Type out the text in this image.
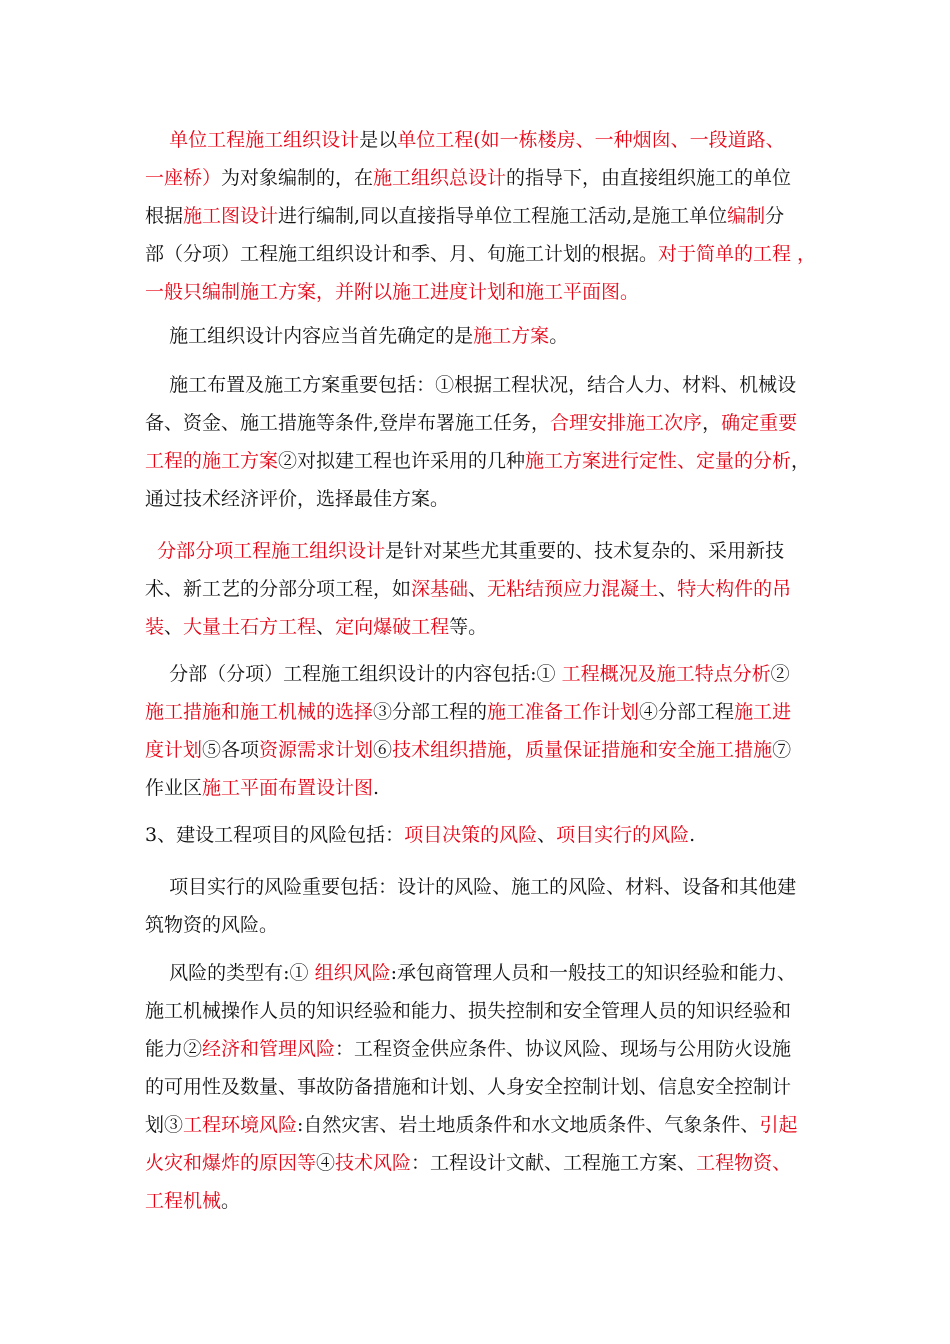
单位工程施工组织设计是以单位工程(如一栋楼房、一种烟囱、一段道路、
一座桥）为对象编制的，在施工组织总设计的指导下，由直接组织施工的单位
根据施工图设计进行编制,同以直接指导单位工程施工活动,是施工单位编制分
部（分项）工程施工组织设计和季、月、旬施工计划的根据。对于简单的工程 ，
一般只编制施工方案，并附以施工进度计划和施工平面图。
施工组织设计内容应当首先确定的是施工方案。
施工布置及施工方案重要包括：①根据工程状况，结合人力、材料、机械设
备、资金、施工措施等条件,登岸布署施工任务，合理安排施工次序，确定重要
工程的施工方案②对拟建工程也许采用的几种施工方案进行定性、定量的分析，
通过技术经济评价，选择最佳方案。
分部分项工程施工组织设计是针对某些尤其重要的、技术复杂的、采用新技
术、新工艺的分部分项工程，如深基础、无粘结预应力混凝土、特大构件的吊
装、大量土石方工程、定向爆破工程等。
分部（分项）工程施工组织设计的内容包括:① 工程概况及施工特点分析②
施工措施和施工机械的选择③分部工程的施工准备工作计划④分部工程施工进
度计划⑤各项资源需求计划⑥技术组织措施，质量保证措施和安全施工措施⑦
作业区施工平面布置设计图.
3、建设工程项目的风险包括：项目决策的风险、项目实行的风险.
项目实行的风险重要包括：设计的风险、施工的风险、材料、设备和其他建
筑物资的风险。
风险的类型有:① 组织风险:承包商管理人员和一般技工的知识经验和能力、
施工机械操作人员的知识经验和能力、损失控制和安全管理人员的知识经验和
能力②经济和管理风险：工程资金供应条件、协议风险、现场与公用防火设施
的可用性及数量、事故防备措施和计划、人身安全控制计划、信息安全控制计
划③工程环境风险:自然灾害、岩土地质条件和水文地质条件、气象条件、引起
火灾和爆炸的原因等④技术风险：工程设计文献、工程施工方案、工程物资、
工程机械。
